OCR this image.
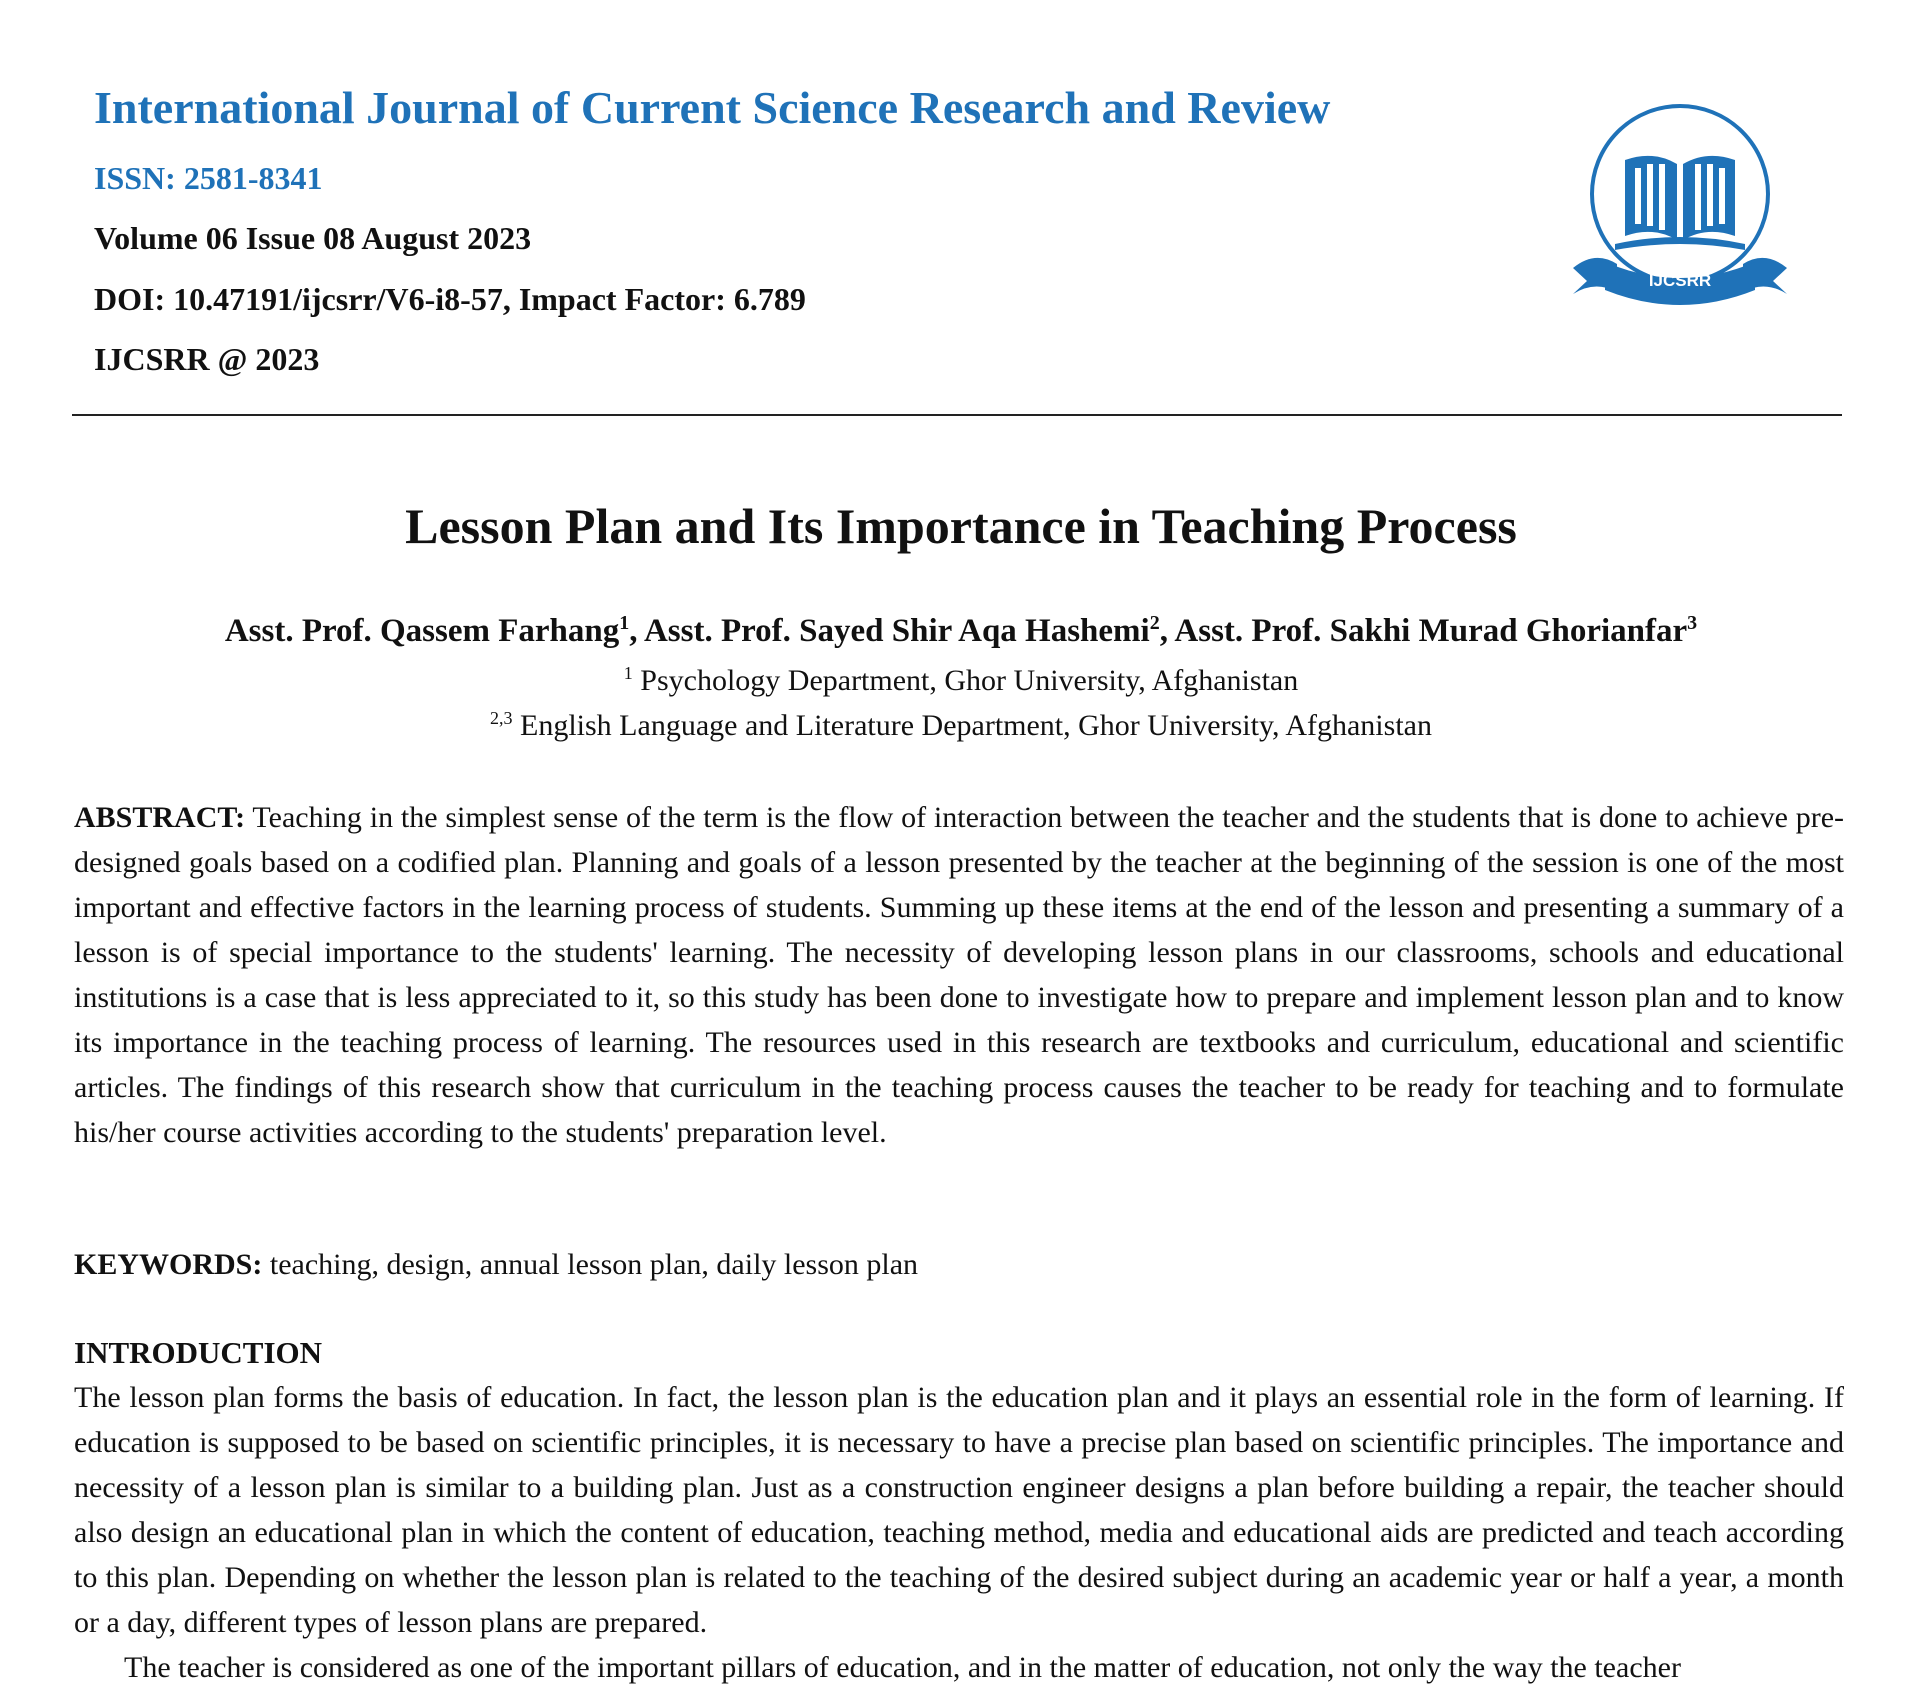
International Journal of Current Science Research and Review
ISSN: 2581-8341
Volume 06 Issue 08 August 2023
DOI: 10.47191/ijcsrr/V6-i8-57, Impact Factor: 6.789
IJCSRR @ 2023
IJCSRR
Lesson Plan and Its Importance in Teaching Process
Asst. Prof. Qassem Farhang$^1$, Asst. Prof. Sayed Shir Aqa Hashemi$^2$, Asst. Prof. Sakhi Murad Ghorianfar$^3$
$^1$ Psychology Department, Ghor University, Afghanistan
$^{2,3}$ English Language and Literature Department, Ghor University, Afghanistan

ABSTRACT: Teaching in the simplest sense of the term is the flow of interaction between the teacher and the students that is done to achieve pre-designed goals based on a codified plan. Planning and goals of a lesson presented by the teacher at the beginning of the session is one of the most important and effective factors in the learning process of students. Summing up these items at the end of the lesson and presenting a summary of a lesson is of special importance to the students' learning. The necessity of developing lesson plans in our classrooms, schools and educational institutions is a case that is less appreciated to it, so this study has been done to investigate how to prepare and implement lesson plan and to know its importance in the teaching process of learning. The resources used in this research are textbooks and curriculum, educational and scientific articles. The findings of this research show that curriculum in the teaching process causes the teacher to be ready for teaching and to formulate his/her course activities according to the students' preparation level.

KEYWORDS: teaching, design, annual lesson plan, daily lesson plan

INTRODUCTION

The lesson plan forms the basis of education. In fact, the lesson plan is the education plan and it plays an essential role in the form of learning. If education is supposed to be based on scientific principles, it is necessary to have a precise plan based on scientific principles. The importance and necessity of a lesson plan is similar to a building plan. Just as a construction engineer designs a plan before building a repair, the teacher should also design an educational plan in which the content of education, teaching method, media and educational aids are predicted and teach according to this plan. Depending on whether the lesson plan is related to the teaching of the desired subject during an academic year or half a year, a month or a day, different types of lesson plans are prepared.

The teacher is considered as one of the important pillars of education, and in the matter of education, not only the way the teacher
